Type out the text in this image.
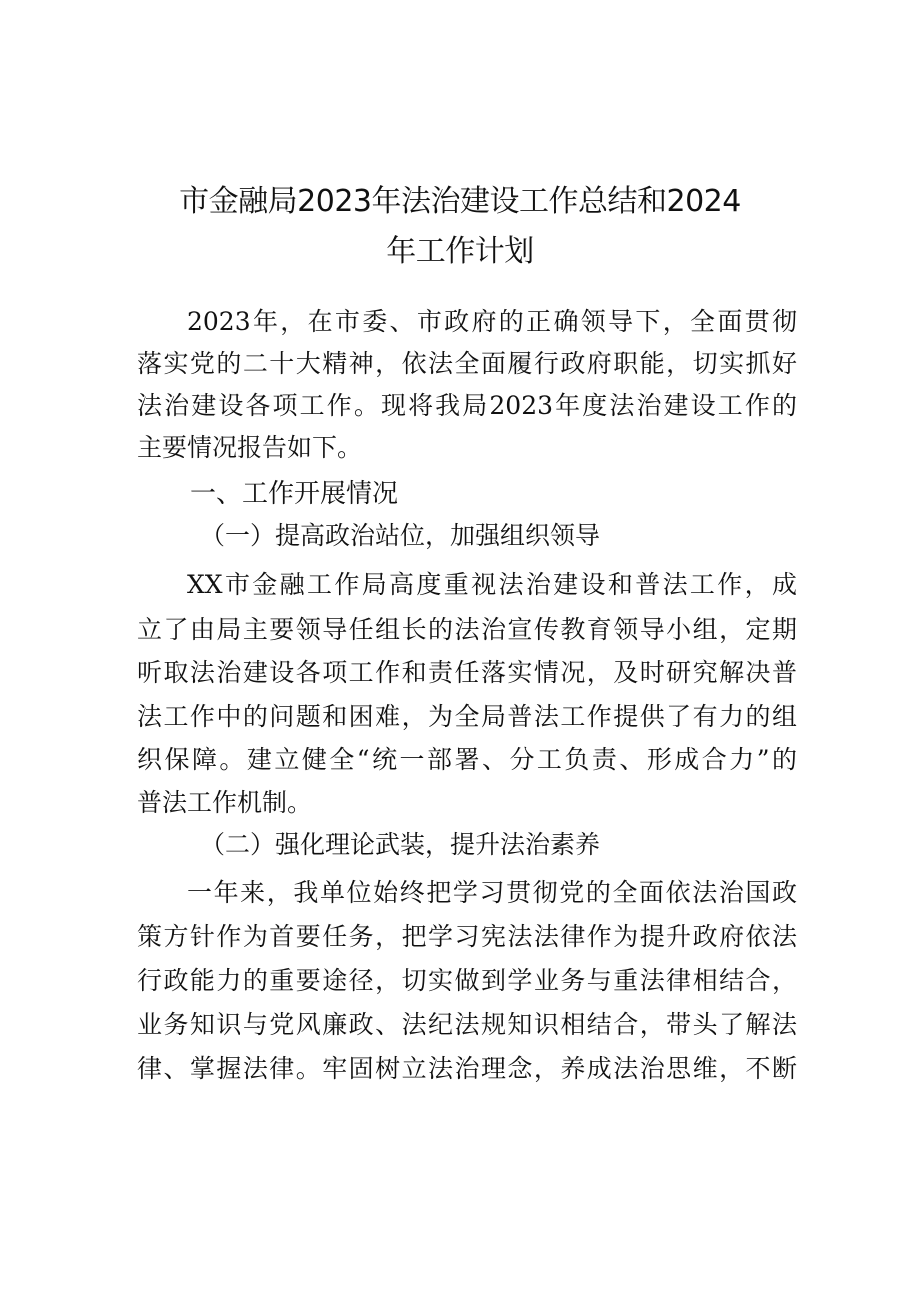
市金融局2023年法治建设工作总结和2024
年工作计划
2023年，在市委、市政府的正确领导下，全面贯彻
落实党的二十大精神，依法全面履行政府职能，切实抓好
法治建设各项工作。现将我局2023年度法治建设工作的
主要情况报告如下。
一、工作开展情况
（一）提高政治站位，加强组织领导
XX市金融工作局高度重视法治建设和普法工作，成
立了由局主要领导任组长的法治宣传教育领导小组，定期
听取法治建设各项工作和责任落实情况，及时研究解决普
法工作中的问题和困难，为全局普法工作提供了有力的组
织保障。建立健全“统一部署、分工负责、形成合力”的
普法工作机制。
（二）强化理论武装，提升法治素养
一年来，我单位始终把学习贯彻党的全面依法治国政
策方针作为首要任务，把学习宪法法律作为提升政府依法
行政能力的重要途径，切实做到学业务与重法律相结合，
业务知识与党风廉政、法纪法规知识相结合，带头了解法
律、掌握法律。牢固树立法治理念，养成法治思维，不断
